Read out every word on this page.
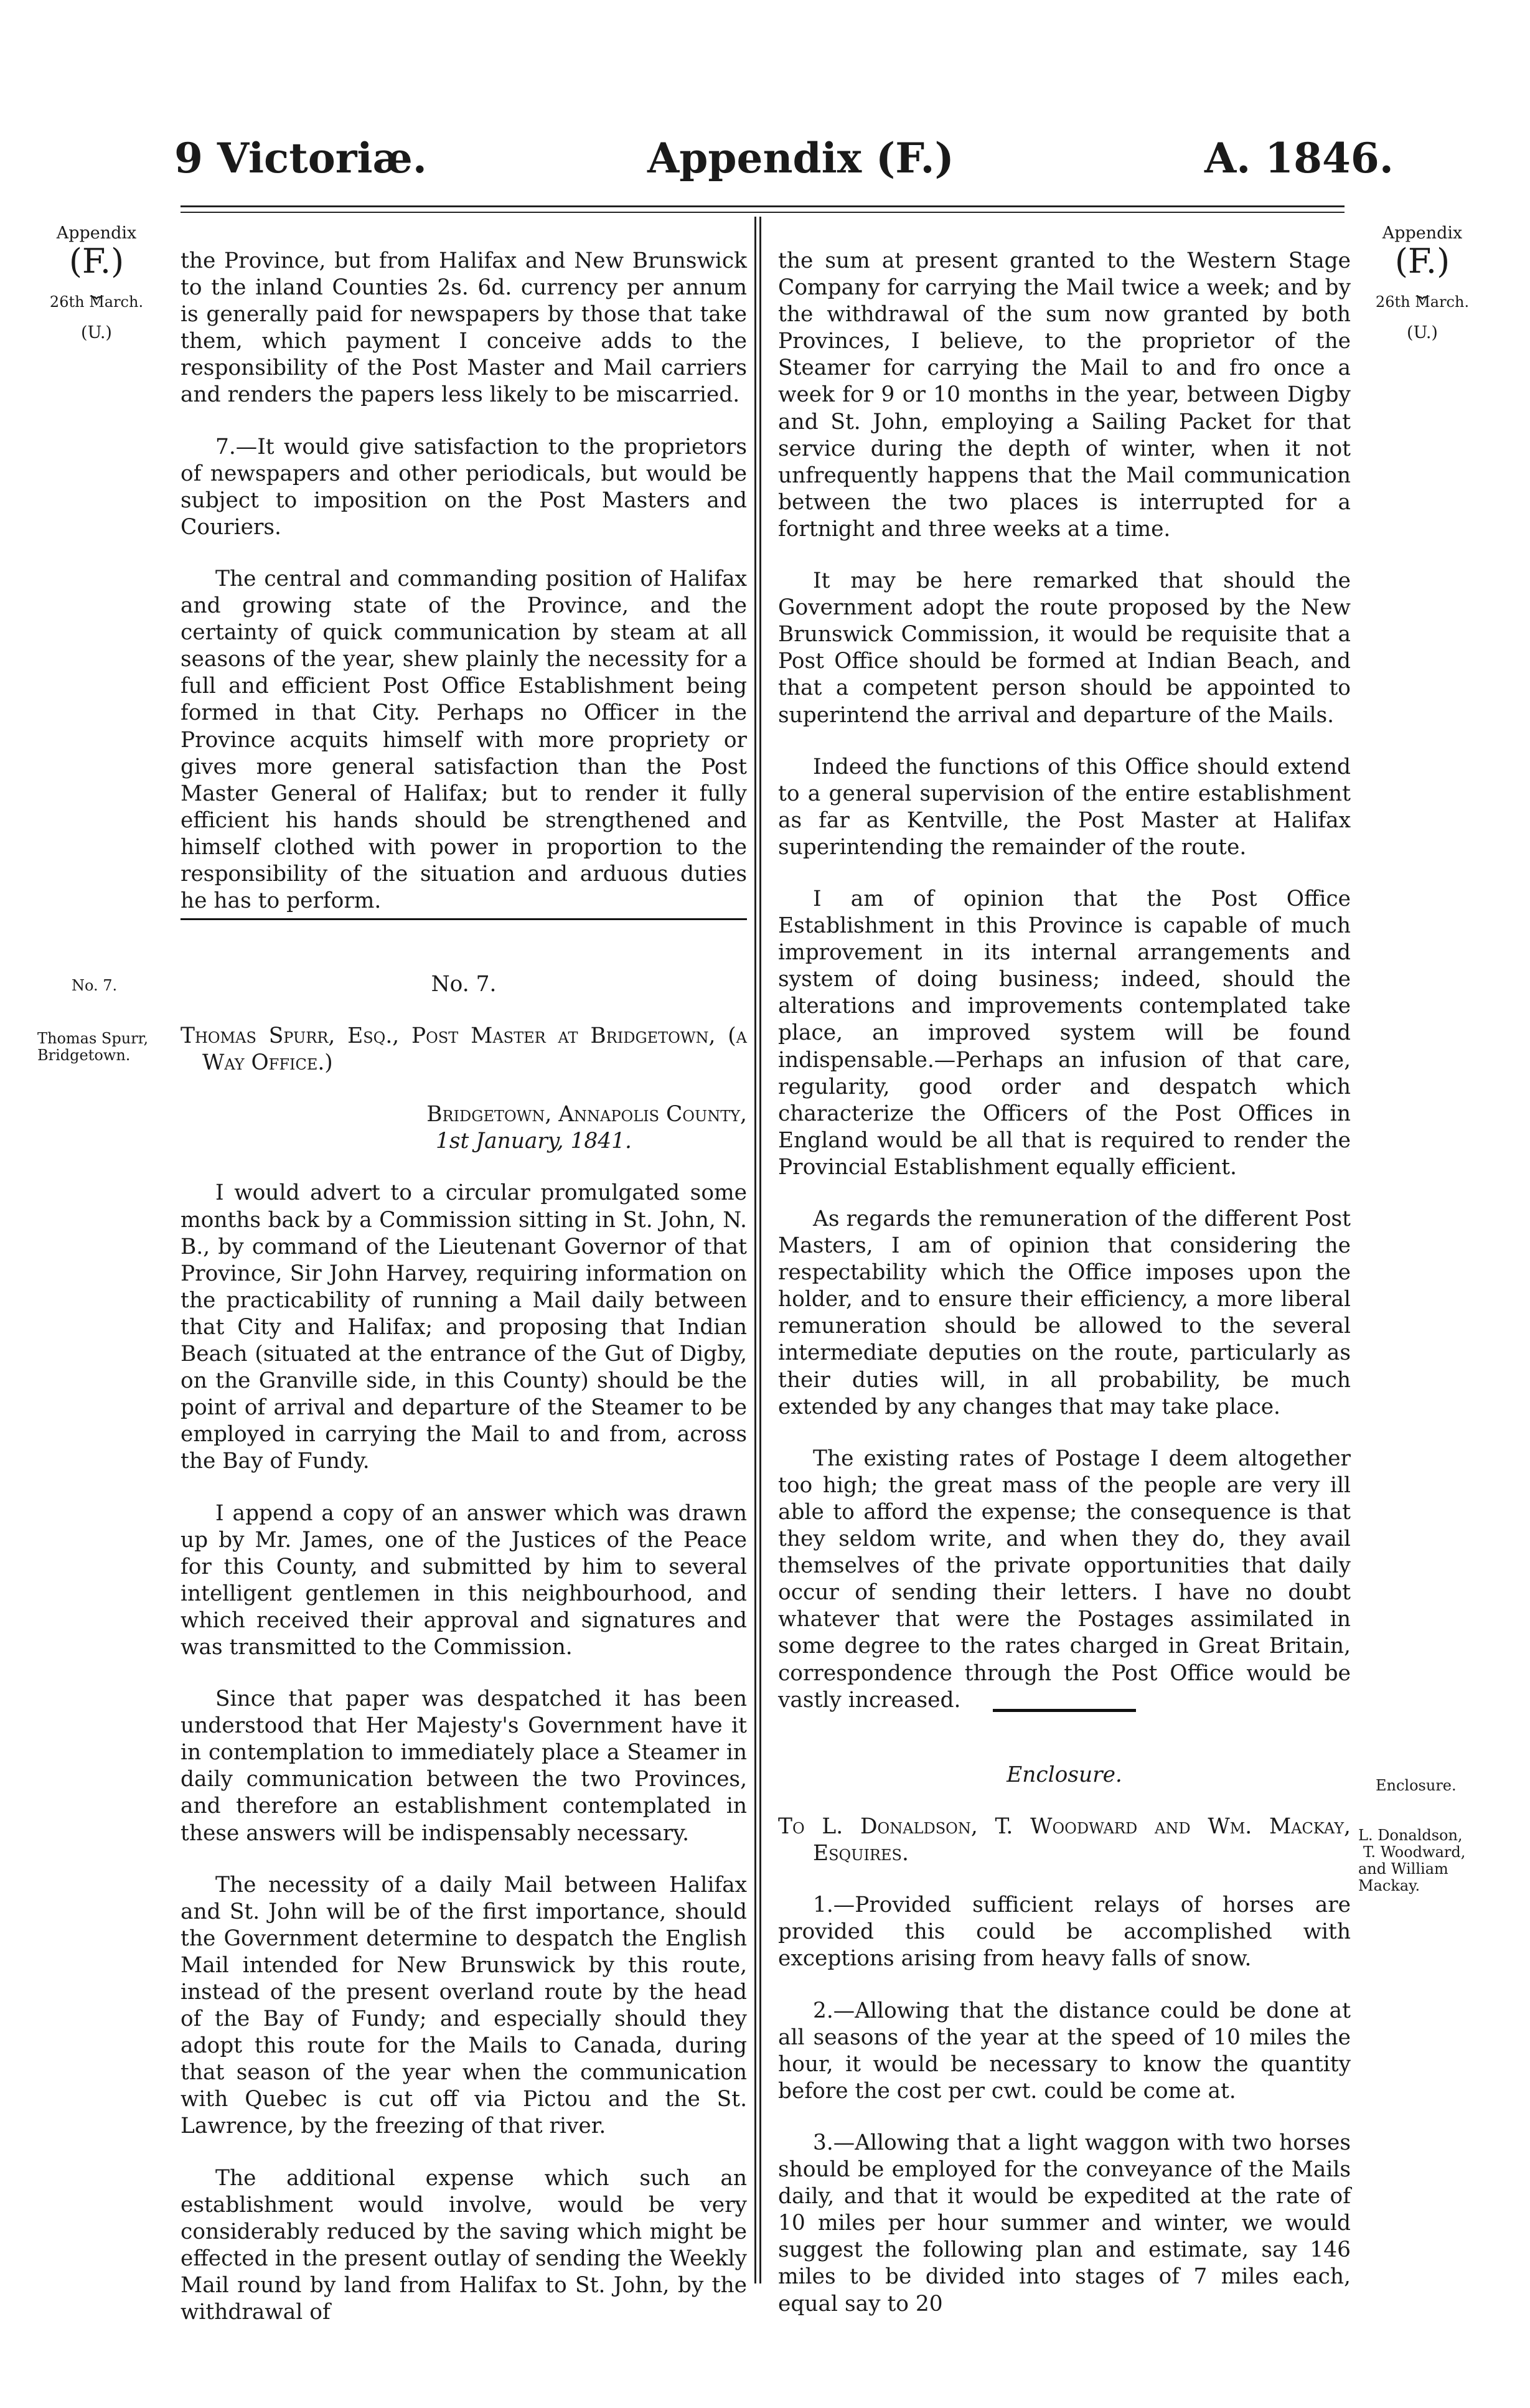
9 Victoriæ.	Appendix (F.)	A. 1846.
Appendix
(F.)
⏟
26th March.
(U.)
No. 7.
Thomas Spurr,
Bridgetown.
Appendix
(F.)
⏟
26th March.
(U.)
Enclosure.
L. Donaldson,
T. Woodward,
and William
Mackay.

the Province, but from Halifax and New Brunswick to the inland Counties 2s. 6d. currency per annum is generally paid for newspapers by those that take them, which payment I conceive adds to the responsibility of the Post Master and Mail carriers and renders the papers less likely to be miscarried.

7.—It would give satisfaction to the proprietors of newspapers and other periodicals, but would be subject to imposition on the Post Masters and Couriers.

The central and commanding position of Halifax and growing state of the Province, and the certainty of quick communication by steam at all seasons of the year, shew plainly the necessity for a full and efficient Post Office Establishment being formed in that City. Perhaps no Officer in the Province acquits himself with more propriety or gives more general satisfaction than the Post Master General of Halifax; but to render it fully efficient his hands should be strengthened and himself clothed with power in proportion to the responsibility of the situation and arduous duties he has to perform.

No. 7.

Thomas Spurr, Esq., Post Master at Bridgetown, (a Way Office.)

Bridgetown, Annapolis County,

1st January, 1841.

I would advert to a circular promulgated some months back by a Commission sitting in St. John, N. B., by command of the Lieutenant Governor of that Province, Sir John Harvey, requiring information on the practicability of running a Mail daily between that City and Halifax; and proposing that Indian Beach (situated at the entrance of the Gut of Digby, on the Granville side, in this County) should be the point of arrival and departure of the Steamer to be employed in carrying the Mail to and from, across the Bay of Fundy.

I append a copy of an answer which was drawn up by Mr. James, one of the Justices of the Peace for this County, and submitted by him to several intelligent gentlemen in this neighbourhood, and which received their approval and signatures and was transmitted to the Commission.

Since that paper was despatched it has been understood that Her Majesty's Government have it in contemplation to immediately place a Steamer in daily communication between the two Provinces, and therefore an establishment contemplated in these answers will be indispensably necessary.

The necessity of a daily Mail between Halifax and St. John will be of the first importance, should the Government determine to despatch the English Mail intended for New Brunswick by this route, instead of the present overland route by the head of the Bay of Fundy; and especially should they adopt this route for the Mails to Canada, during that season of the year when the communication with Quebec is cut off via Pictou and the St. Lawrence, by the freezing of that river.

The additional expense which such an establishment would involve, would be very considerably reduced by the saving which might be effected in the present outlay of sending the Weekly Mail round by land from Halifax to St. John, by the withdrawal of

the sum at present granted to the Western Stage Company for carrying the Mail twice a week; and by the withdrawal of the sum now granted by both Provinces, I believe, to the proprietor of the Steamer for carrying the Mail to and fro once a week for 9 or 10 months in the year, between Digby and St. John, employing a Sailing Packet for that service during the depth of winter, when it not unfrequently happens that the Mail communication between the two places is interrupted for a fortnight and three weeks at a time.

It may be here remarked that should the Government adopt the route proposed by the New Brunswick Commission, it would be requisite that a Post Office should be formed at Indian Beach, and that a competent person should be appointed to superintend the arrival and departure of the Mails.

Indeed the functions of this Office should extend to a general supervision of the entire establishment as far as Kentville, the Post Master at Halifax superintending the remainder of the route.

I am of opinion that the Post Office Establishment in this Province is capable of much improvement in its internal arrangements and system of doing business; indeed, should the alterations and improvements contemplated take place, an improved system will be found indispensable.—Perhaps an infusion of that care, regularity, good order and despatch which characterize the Officers of the Post Offices in England would be all that is required to render the Provincial Establishment equally efficient.

As regards the remuneration of the different Post Masters, I am of opinion that considering the respectability which the Office imposes upon the holder, and to ensure their efficiency, a more liberal remuneration should be allowed to the several intermediate deputies on the route, particularly as their duties will, in all probability, be much extended by any changes that may take place.

The existing rates of Postage I deem altogether too high; the great mass of the people are very ill able to afford the expense; the consequence is that they seldom write, and when they do, they avail themselves of the private opportunities that daily occur of sending their letters. I have no doubt whatever that were the Postages assimilated in some degree to the rates charged in Great Britain, correspondence through the Post Office would be vastly increased.

Enclosure.

To L. Donaldson, T. Woodward and Wm. Mackay, Esquires.

1.—Provided sufficient relays of horses are provided this could be accomplished with exceptions arising from heavy falls of snow.

2.—Allowing that the distance could be done at all seasons of the year at the speed of 10 miles the hour, it would be necessary to know the quantity before the cost per cwt. could be come at.

3.—Allowing that a light waggon with two horses should be employed for the conveyance of the Mails daily, and that it would be expedited at the rate of 10 miles per hour summer and winter, we would suggest the following plan and estimate, say 146 miles to be divided into stages of 7 miles each, equal say to 20
